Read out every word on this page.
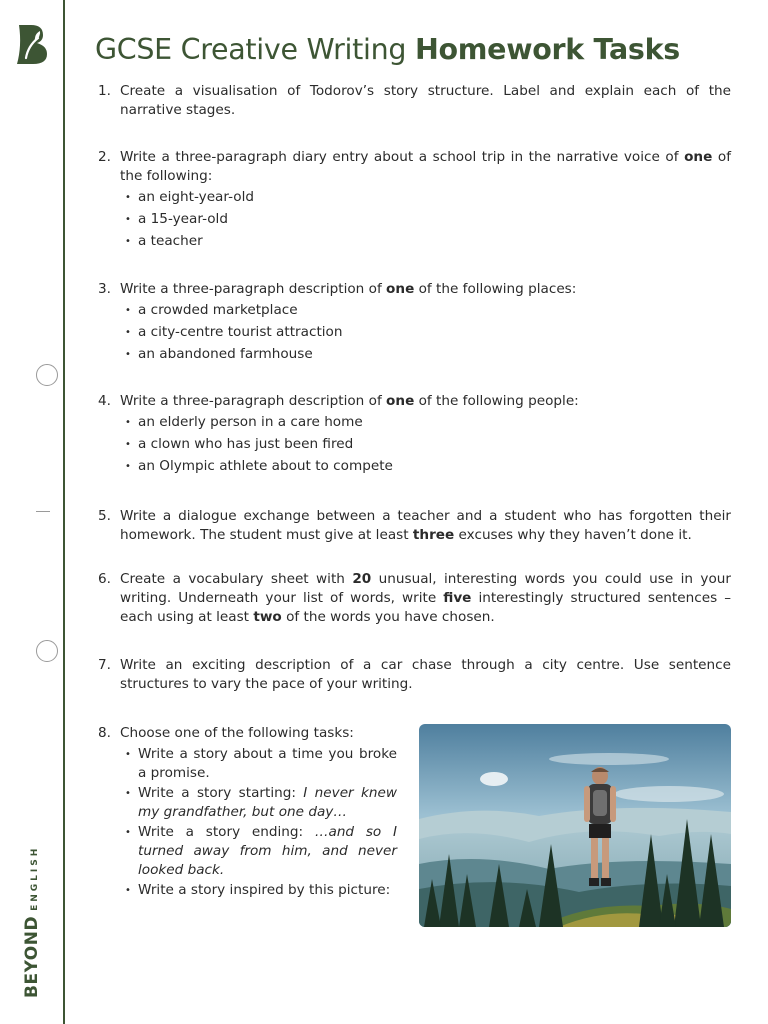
BEYONDENGLISH
GCSE Creative Writing Homework Tasks
1. Create a visualisation of Todorov’s story structure. Label and explain each of the narrative stages.
2. Write a three-paragraph diary entry about a school trip in the narrative voice of one of the following:
• an eight-year-old
• a 15-year-old
• a teacher
3. Write a three-paragraph description of one of the following places:
• a crowded marketplace
• a city-centre tourist attraction
• an abandoned farmhouse
4. Write a three-paragraph description of one of the following people:
• an elderly person in a care home
• a clown who has just been fired
• an Olympic athlete about to compete
5. Write a dialogue exchange between a teacher and a student who has forgotten their homework. The student must give at least three excuses why they haven’t done it.
6. Create a vocabulary sheet with 20 unusual, interesting words you could use in your writing. Underneath your list of words, write five interestingly structured sentences – each using at least two of the words you have chosen.
7. Write an exciting description of a car chase through a city centre. Use sentence structures to vary the pace of your writing.
8. Choose one of the following tasks:
• Write a story about a time you broke a promise.
• Write a story starting: I never knew my grandfather, but one day…
• Write a story ending: …and so I turned away from him, and never looked back.
• Write a story inspired by this picture:
